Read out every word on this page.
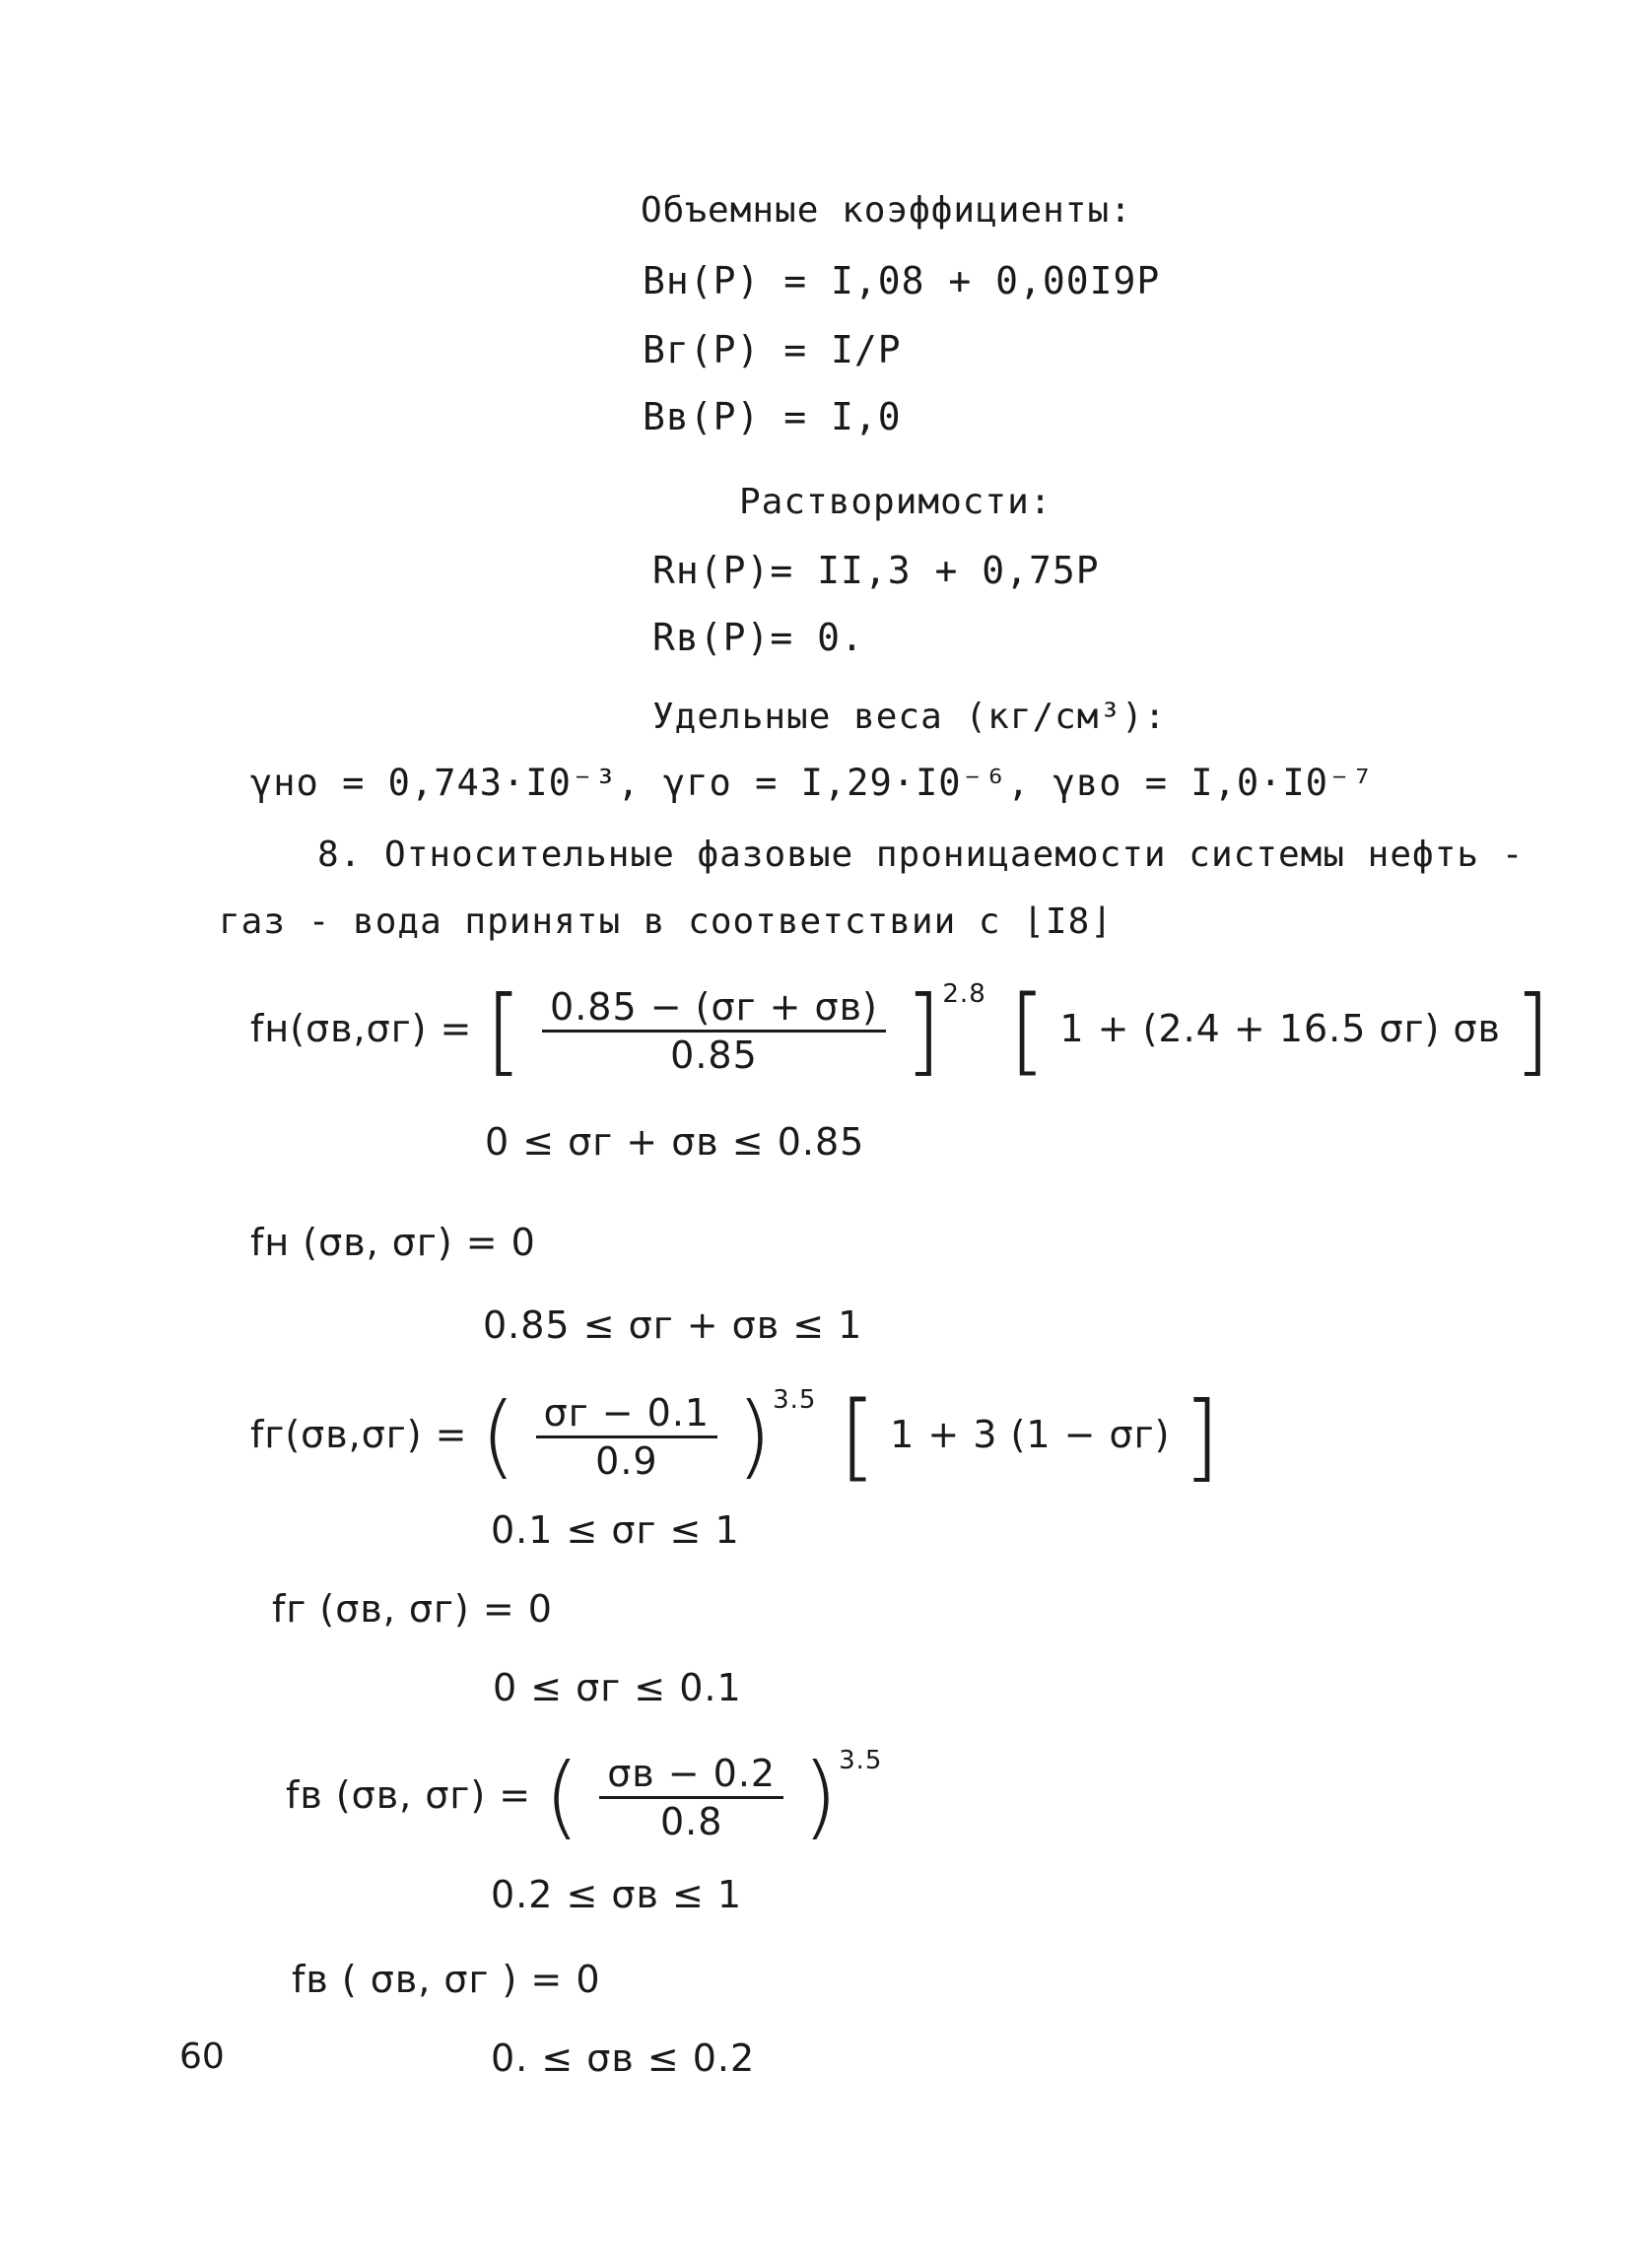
Объемные коэффициенты:
Bн(P) = I,08 + 0,00I9P
Bг(P) = I/P
Bв(P) = I,0
Растворимости:
Rн(P)= II,3 + 0,75P
Rв(P)= 0.
Удельные веса (кг/см³):
γно = 0,743·I0⁻³, γго = I,29·I0⁻⁶, γво = I,0·I0⁻⁷
8. Относительные фазовые проницаемости системы нефть -
газ - вода приняты в соответствии с ⌊I8⌋
fн(σв,σг) = [ $\frac{0.85 - (\sigma г + \sigma в)}{0.85} ]^{2.8}$ [ 1 + (2.4 + 16.5 σг) σв ]
0 ≤ σг + σв ≤ 0.85
fн (σв, σг) = 0
0.85 ≤ σг + σв ≤ 1
fг(σв,σг) = ( $\frac{\sigma г - 0.1}{0.9} )^{3.5}$ [ 1 + 3 (1 − σг) ]
0.1 ≤ σг ≤ 1
fг (σв, σг) = 0
0 ≤ σг ≤ 0.1
fв (σв, σг) = ( $\frac{\sigma в - 0.2}{0.8} )^{3.5}$
0.2 ≤ σв ≤ 1
fв ( σв, σг ) = 0
0. ≤ σв ≤ 0.2
60
